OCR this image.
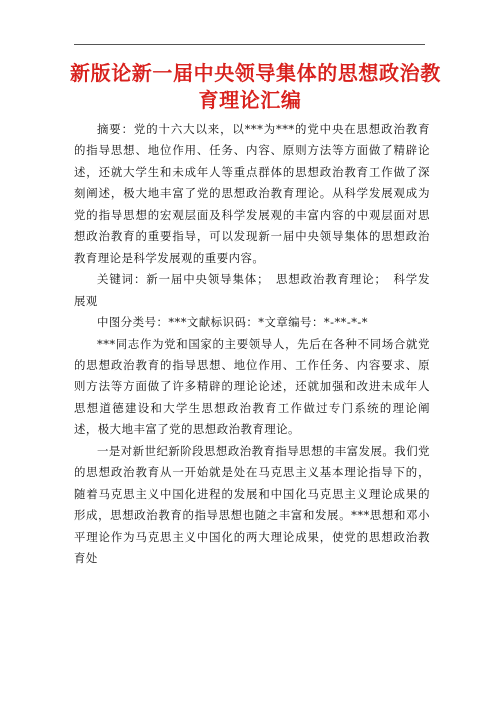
新版论新一届中央领导集体的思想政治教
育理论汇编

摘要：党的十六大以来，以***为***的党中央在思想政治教育的指导思想、地位作用、任务、内容、原则方法等方面做了精辟论述，还就大学生和未成年人等重点群体的思想政治教育工作做了深刻阐述，极大地丰富了党的思想政治教育理论。从科学发展观成为党的指导思想的宏观层面及科学发展观的丰富内容的中观层面对思想政治教育的重要指导，可以发现新一届中央领导集体的思想政治教育理论是科学发展观的重要内容。

关键词：新一届中央领导集体；　思想政治教育理论；　科学发展观

中图分类号：***文献标识码：*文章编号：*-**-*-*

***同志作为党和国家的主要领导人，先后在各种不同场合就党的思想政治教育的指导思想、地位作用、工作任务、内容要求、原则方法等方面做了许多精辟的理论论述，还就加强和改进未成年人思想道德建设和大学生思想政治教育工作做过专门系统的理论阐述，极大地丰富了党的思想政治教育理论。

一是对新世纪新阶段思想政治教育指导思想的丰富发展。我们党的思想政治教育从一开始就是处在马克思主义基本理论指导下的，随着马克思主义中国化进程的发展和中国化马克思主义理论成果的形成，思想政治教育的指导思想也随之丰富和发展。***思想和邓小平理论作为马克思主义中国化的两大理论成果，使党的思想政治教育处
